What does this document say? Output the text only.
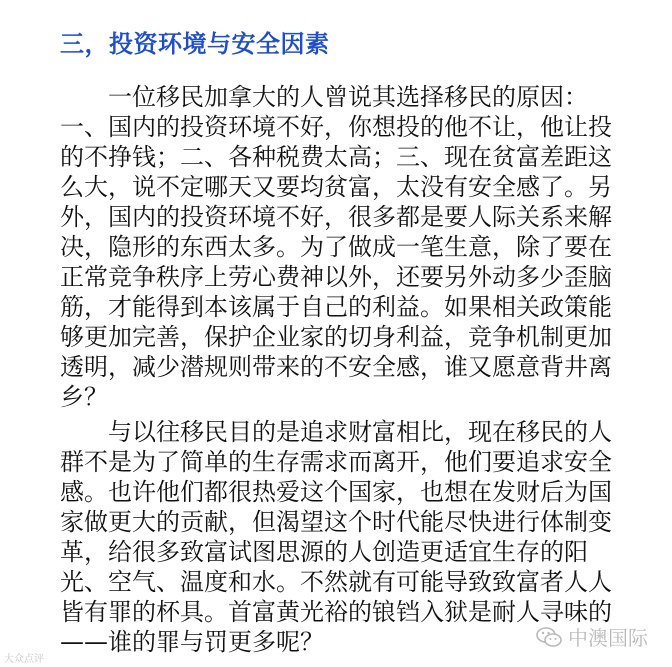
三，投资环境与安全因素
　　一位移民加拿大的人曾说其选择移民的原因：
一、国内的投资环境不好，你想投的他不让，他让投
的不挣钱；二、各种税费太高；三、现在贫富差距这
么大，说不定哪天又要均贫富，太没有安全感了。另
外，国内的投资环境不好，很多都是要人际关系来解
决，隐形的东西太多。为了做成一笔生意，除了要在
正常竞争秩序上劳心费神以外，还要另外动多少歪脑
筋，才能得到本该属于自己的利益。如果相关政策能
够更加完善，保护企业家的切身利益，竞争机制更加
透明，减少潜规则带来的不安全感，谁又愿意背井离
乡？
　　与以往移民目的是追求财富相比，现在移民的人
群不是为了简单的生存需求而离开，他们要追求安全
感。也许他们都很热爱这个国家，也想在发财后为国
家做更大的贡献，但渴望这个时代能尽快进行体制变
革，给很多致富试图思源的人创造更适宜生存的阳
光、空气、温度和水。不然就有可能导致致富者人人
皆有罪的杯具。首富黄光裕的锒铛入狱是耐人寻味的
——谁的罪与罚更多呢？	中澳国际
大众点评
